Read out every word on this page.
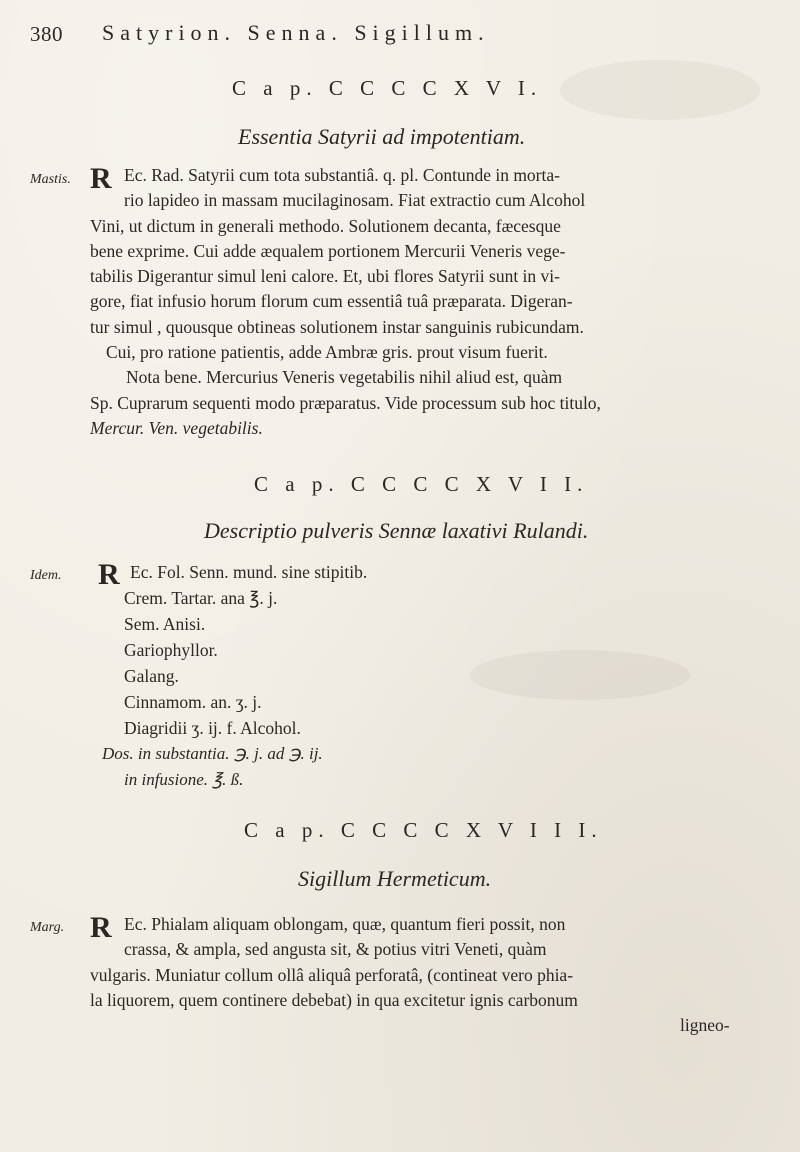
380 Satyrion. Senna. Sigillum.
C a p. C C C C X V I.
Essentia Satyrii ad impotentiam.
Mastis. R Ec. Rad. Satyrii cum tota substantiâ. q. pl. Contunde in morta-
rio lapideo in massam mucilaginosam. Fiat extractio cum Alcohol
Vini, ut dictum in generali methodo. Solutionem decanta, fæcesque
bene exprime. Cui adde æqualem portionem Mercurii Veneris vege-
tabilis Digerantur simul leni calore. Et, ubi flores Satyrii sunt in vi-
gore, fiat infusio horum florum cum essentiâ tuâ præparata. Digeran-
tur simul , quousque obtineas solutionem instar sanguinis rubicundam.
Cui, pro ratione patientis, adde Ambræ gris. prout visum fuerit.
Nota bene. Mercurius Veneris vegetabilis nihil aliud est, quàm
Sp. Cuprarum sequenti modo præparatus. Vide processum sub hoc titulo,
Mercur. Ven. vegetabilis.
C a p. C C C C X V I I.
Descriptio pulveris Sennæ laxativi Rulandi.
Idem. R Ec. Fol. Senn. mund. sine stipitib.
Crem. Tartar. ana ℥. j.
Sem. Anisi.
Gariophyllor.
Galang.
Cinnamom. an. ʒ. j.
Diagridii ʒ. ij. f. Alcohol.
Dos. in substantia. ℈. j. ad ℈. ij.
in infusione. ℥. ß.
C a p. C C C C X V I I I.
Sigillum Hermeticum.
Marg. R Ec. Phialam aliquam oblongam, quæ, quantum fieri possit, non
crassa, & ampla, sed angusta sit, & potius vitri Veneti, quàm
vulgaris. Muniatur collum ollâ aliquâ perforatâ, (contineat vero phia-
la liquorem, quem continere debebat) in qua excitetur ignis carbonum
ligneo-
